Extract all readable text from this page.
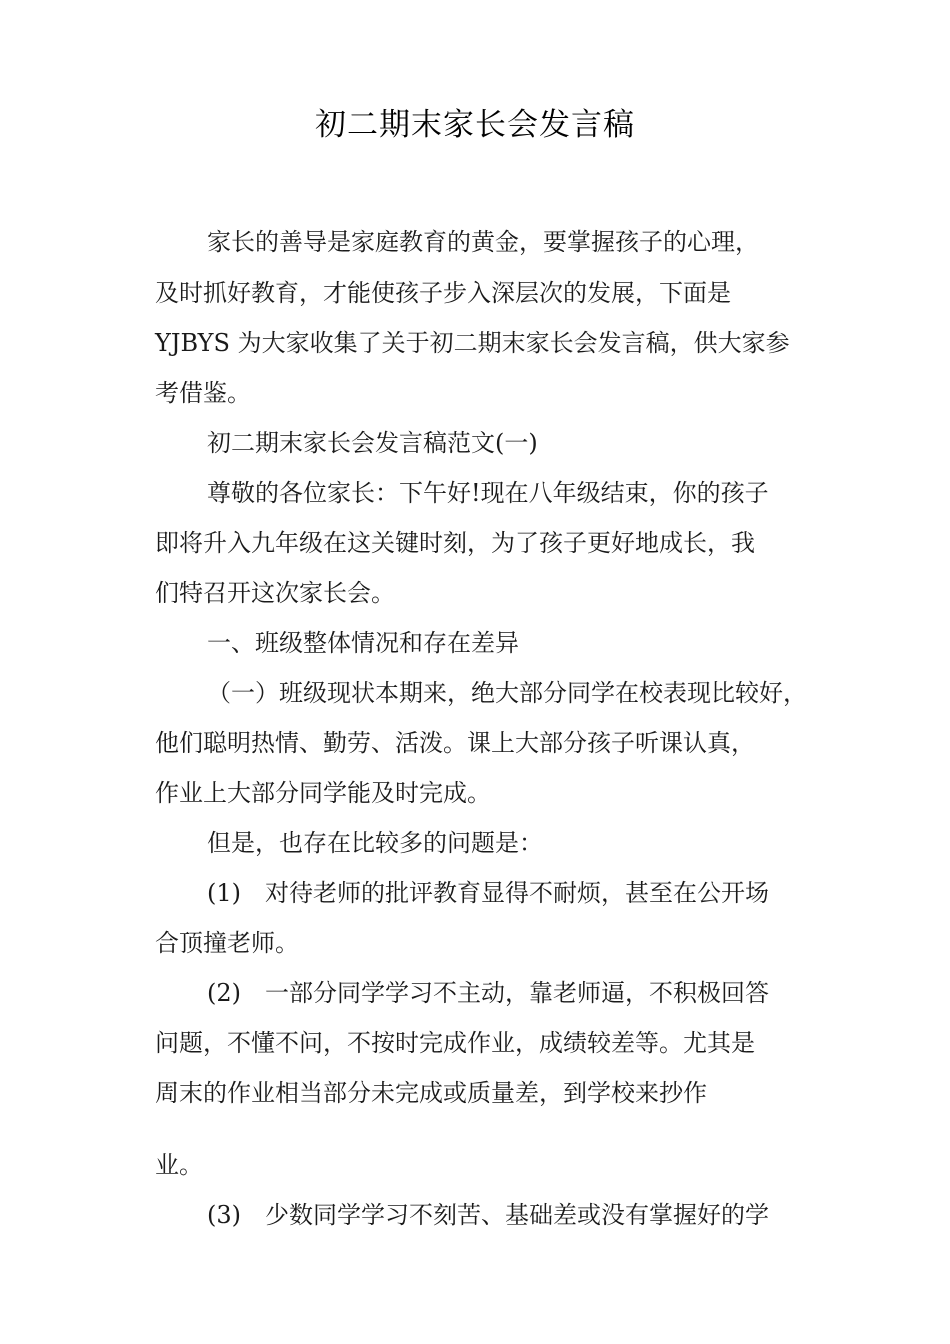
初二期末家长会发言稿
家长的善导是家庭教育的黄金，要掌握孩子的心理，
及时抓好教育，才能使孩子步入深层次的发展，下面是
YJBYS 为大家收集了关于初二期末家长会发言稿，供大家参
考借鉴。
初二期末家长会发言稿范文(一)
尊敬的各位家长：下午好!现在八年级结束，你的孩子
即将升入九年级在这关键时刻，为了孩子更好地成长，我
们特召开这次家长会。
一、班级整体情况和存在差异
（一）班级现状本期来，绝大部分同学在校表现比较好，
他们聪明热情、勤劳、活泼。课上大部分孩子听课认真，
作业上大部分同学能及时完成。
但是，也存在比较多的问题是：
(1)　对待老师的批评教育显得不耐烦，甚至在公开场
合顶撞老师。
(2)　一部分同学学习不主动，靠老师逼，不积极回答
问题，不懂不问，不按时完成作业，成绩较差等。尤其是
周末的作业相当部分未完成或质量差，到学校来抄作
业。
(3)　少数同学学习不刻苦、基础差或没有掌握好的学
